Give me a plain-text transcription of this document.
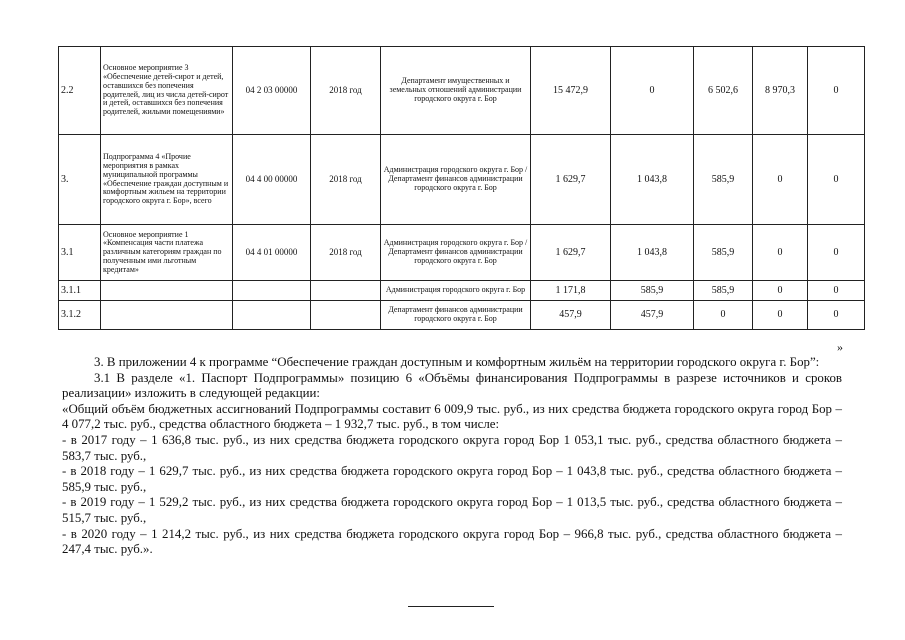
2.2	Основное мероприятие 3 «Обеспечение детей-сирот и детей, оставшихся без попечения родителей, лиц из числа детей-сирот и детей, оставшихся без попечения родителей, жилыми помещениями»	04 2 03 00000	2018 год	Департамент имущественных и земельных отношений администрации городского округа г. Бор	15 472,9	0	6 502,6	8 970,3	0
3.	Подпрограмма 4 «Прочие мероприятия в рамках муниципальной программы «Обеспечение граждан доступным и комфортным жильем на территории городского округа г. Бор», всего	04 4 00 00000	2018 год	Администрация городского округа г. Бор / Департамент финансов администрации городского округа г. Бор	1 629,7	1 043,8	585,9	0	0
3.1	Основное мероприятие 1 «Компенсация части платежа различным категориям граждан по полученным ими льготным кредитам»	04 4 01 00000	2018 год	Администрация городского округа г. Бор / Департамент финансов администрации городского округа г. Бор	1 629,7	1 043,8	585,9	0	0
3.1.1				Администрация городского округа г. Бор	1 171,8	585,9	585,9	0	0
3.1.2				Департамент финансов администрации городского округа г. Бор	457,9	457,9	0	0	0
»

3. В приложении 4 к программе “Обеспечение граждан доступным и комфортным жильём на территории городского округа г. Бор”:

3.1 В разделе «1. Паспорт Подпрограммы» позицию 6 «Объёмы финансирования Подпрограммы в разрезе источников и сроков реализации» изложить в следующей редакции:

«Общий объём бюджетных ассигнований Подпрограммы составит 6 009,9 тыс. руб., из них средства бюджета городского округа город Бор – 4 077,2 тыс. руб., средства областного бюджета – 1 932,7 тыс. руб., в том числе:

- в 2017 году – 1 636,8 тыс. руб., из них средства бюджета городского округа город Бор 1 053,1 тыс. руб., средства областного бюджета – 583,7 тыс. руб.,

- в 2018 году – 1 629,7 тыс. руб., из них средства бюджета городского округа город Бор – 1 043,8 тыс. руб., средства областного бюджета – 585,9 тыс. руб.,

- в 2019 году – 1 529,2 тыс. руб., из них средства бюджета городского округа город Бор – 1 013,5 тыс. руб., средства областного бюджета – 515,7 тыс. руб.,

- в 2020 году – 1 214,2 тыс. руб., из них средства бюджета городского округа город Бор – 966,8 тыс. руб., средства областного бюджета – 247,4 тыс. руб.».
